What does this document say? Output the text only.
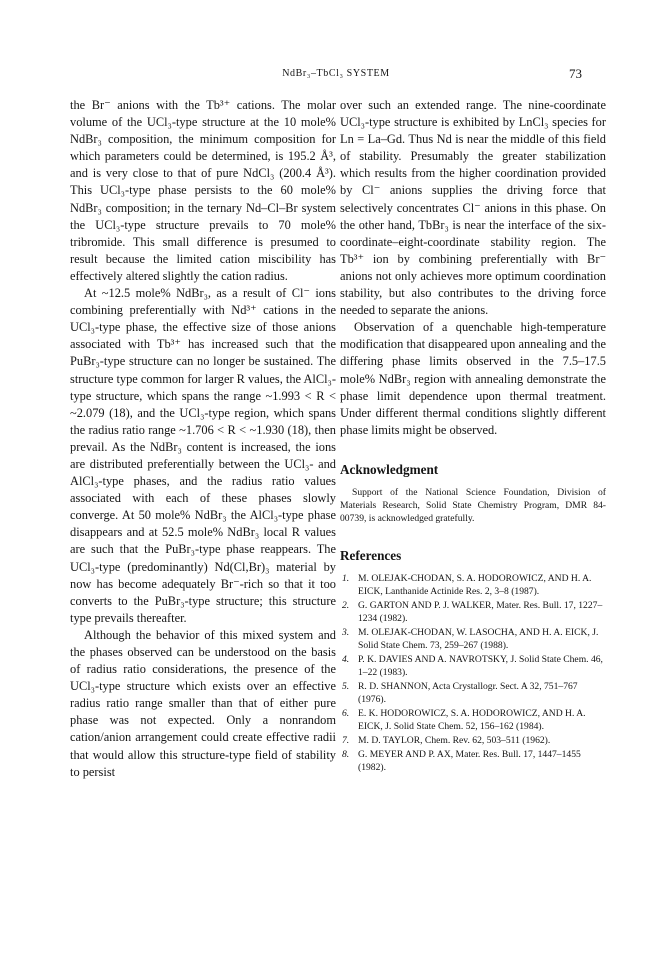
NdBr₃–TbCl₃ SYSTEM	73

the Br⁻ anions with the Tb³⁺ cations. The molar volume of the UCl₃-type structure at the 10 mole% NdBr₃ composition, the minimum composition for which parameters could be determined, is 195.2 Å³, and is very close to that of pure NdCl₃ (200.4 Å³). This UCl₃-type phase persists to the 60 mole% NdBr₃ composition; in the ternary Nd–Cl–Br system the UCl₃-type structure prevails to 70 mole% tribromide. This small difference is presumed to result because the limited cation miscibility has effectively altered slightly the cation radius.

At ~12.5 mole% NdBr₃, as a result of Cl⁻ ions combining preferentially with Nd³⁺ cations in the UCl₃-type phase, the effective size of those anions associated with Tb³⁺ has increased such that the PuBr₃-type structure can no longer be sustained. The structure type common for larger R values, the AlCl₃-type structure, which spans the range ~1.993 < R < ~2.079 (18), and the UCl₃-type region, which spans the radius ratio range ~1.706 < R < ~1.930 (18), then prevail. As the NdBr₃ content is increased, the ions are distributed preferentially between the UCl₃- and AlCl₃-type phases, and the radius ratio values associated with each of these phases slowly converge. At 50 mole% NdBr₃ the AlCl₃-type phase disappears and at 52.5 mole% NdBr₃ local R values are such that the PuBr₃-type phase reappears. The UCl₃-type (predominantly) Nd(Cl,Br)₃ material by now has become adequately Br⁻-rich so that it too converts to the PuBr₃-type structure; this structure type prevails thereafter.

Although the behavior of this mixed system and the phases observed can be understood on the basis of radius ratio considerations, the presence of the UCl₃-type structure which exists over an effective radius ratio range smaller than that of either pure phase was not expected. Only a nonrandom cation/anion arrangement could create effective radii that would allow this structure-type field of stability to persist

over such an extended range. The nine-coordinate UCl₃-type structure is exhibited by LnCl₃ species for Ln = La–Gd. Thus Nd is near the middle of this field of stability. Presumably the greater stabilization which results from the higher coordination provided by Cl⁻ anions supplies the driving force that selectively concentrates Cl⁻ anions in this phase. On the other hand, TbBr₃ is near the interface of the six-coordinate–eight-coordinate stability region. The Tb³⁺ ion by combining preferentially with Br⁻ anions not only achieves more optimum coordination stability, but also contributes to the driving force needed to separate the anions.

Observation of a quenchable high-temperature modification that disappeared upon annealing and the differing phase limits observed in the 7.5–17.5 mole% NdBr₃ region with annealing demonstrate the phase limit dependence upon thermal treatment. Under different thermal conditions slightly different phase limits might be observed.

Acknowledgment

Support of the National Science Foundation, Division of Materials Research, Solid State Chemistry Program, DMR 84-00739, is acknowledged gratefully.

References
1. M. OLEJAK-CHODAN, S. A. HODOROWICZ, AND H. A. EICK, Lanthanide Actinide Res. 2, 3–8 (1987).
2. G. GARTON AND P. J. WALKER, Mater. Res. Bull. 17, 1227–1234 (1982).
3. M. OLEJAK-CHODAN, W. LASOCHA, AND H. A. EICK, J. Solid State Chem. 73, 259–267 (1988).
4. P. K. DAVIES AND A. NAVROTSKY, J. Solid State Chem. 46, 1–22 (1983).
5. R. D. SHANNON, Acta Crystallogr. Sect. A 32, 751–767 (1976).
6. E. K. HODOROWICZ, S. A. HODOROWICZ, AND H. A. EICK, J. Solid State Chem. 52, 156–162 (1984).
7. M. D. TAYLOR, Chem. Rev. 62, 503–511 (1962).
8. G. MEYER AND P. AX, Mater. Res. Bull. 17, 1447–1455 (1982).
